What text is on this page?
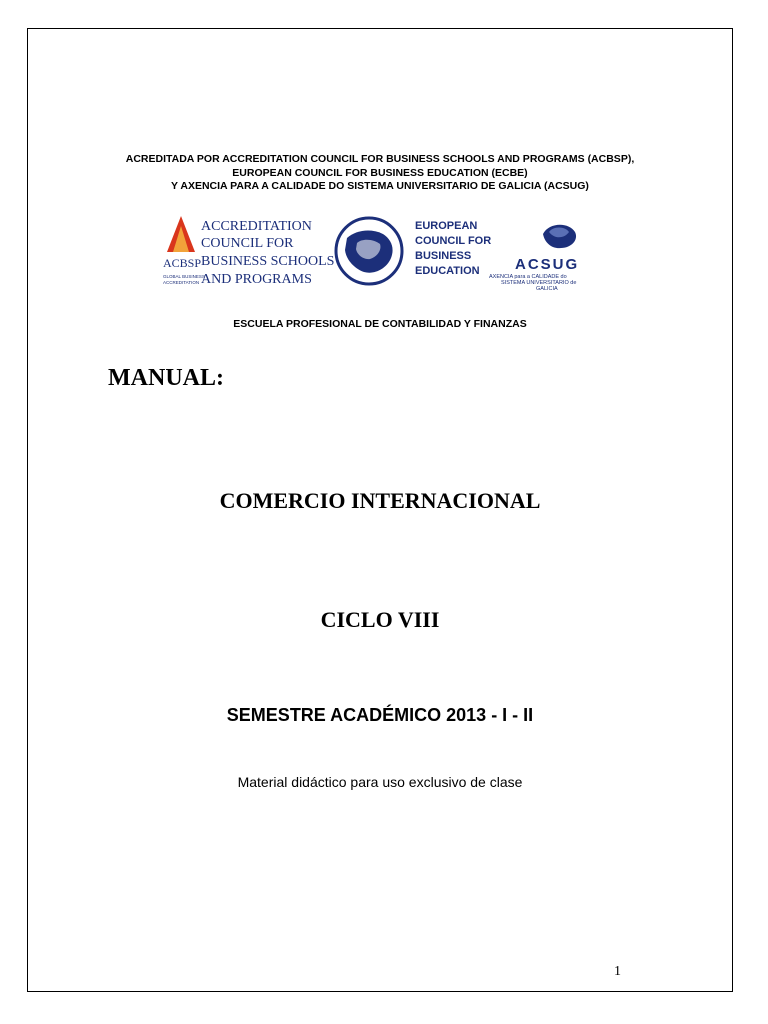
ACREDITADA POR ACCREDITATION COUNCIL FOR BUSINESS SCHOOLS AND PROGRAMS (ACBSP),
EUROPEAN COUNCIL FOR BUSINESS EDUCATION (ECBE)
Y AXENCIA PARA A CALIDADE DO SISTEMA UNIVERSITARIO DE GALICIA (ACSUG)
ACBSP
GLOBAL BUSINESS
ACCREDITATION
ACCREDITATION
COUNCIL FOR
BUSINESS SCHOOLS
AND PROGRAMS
EUROPEAN
COUNCIL FOR
BUSINESS
EDUCATION ACSUG
AXENCIA para a CALIDADE do
SISTEMA UNIVERSITARIO de
GALICIA
ESCUELA PROFESIONAL DE CONTABILIDAD Y FINANZAS
MANUAL:
COMERCIO INTERNACIONAL
CICLO VIII
SEMESTRE ACADÉMICO 2013 - I - II
Material didáctico para uso exclusivo de clase
1
